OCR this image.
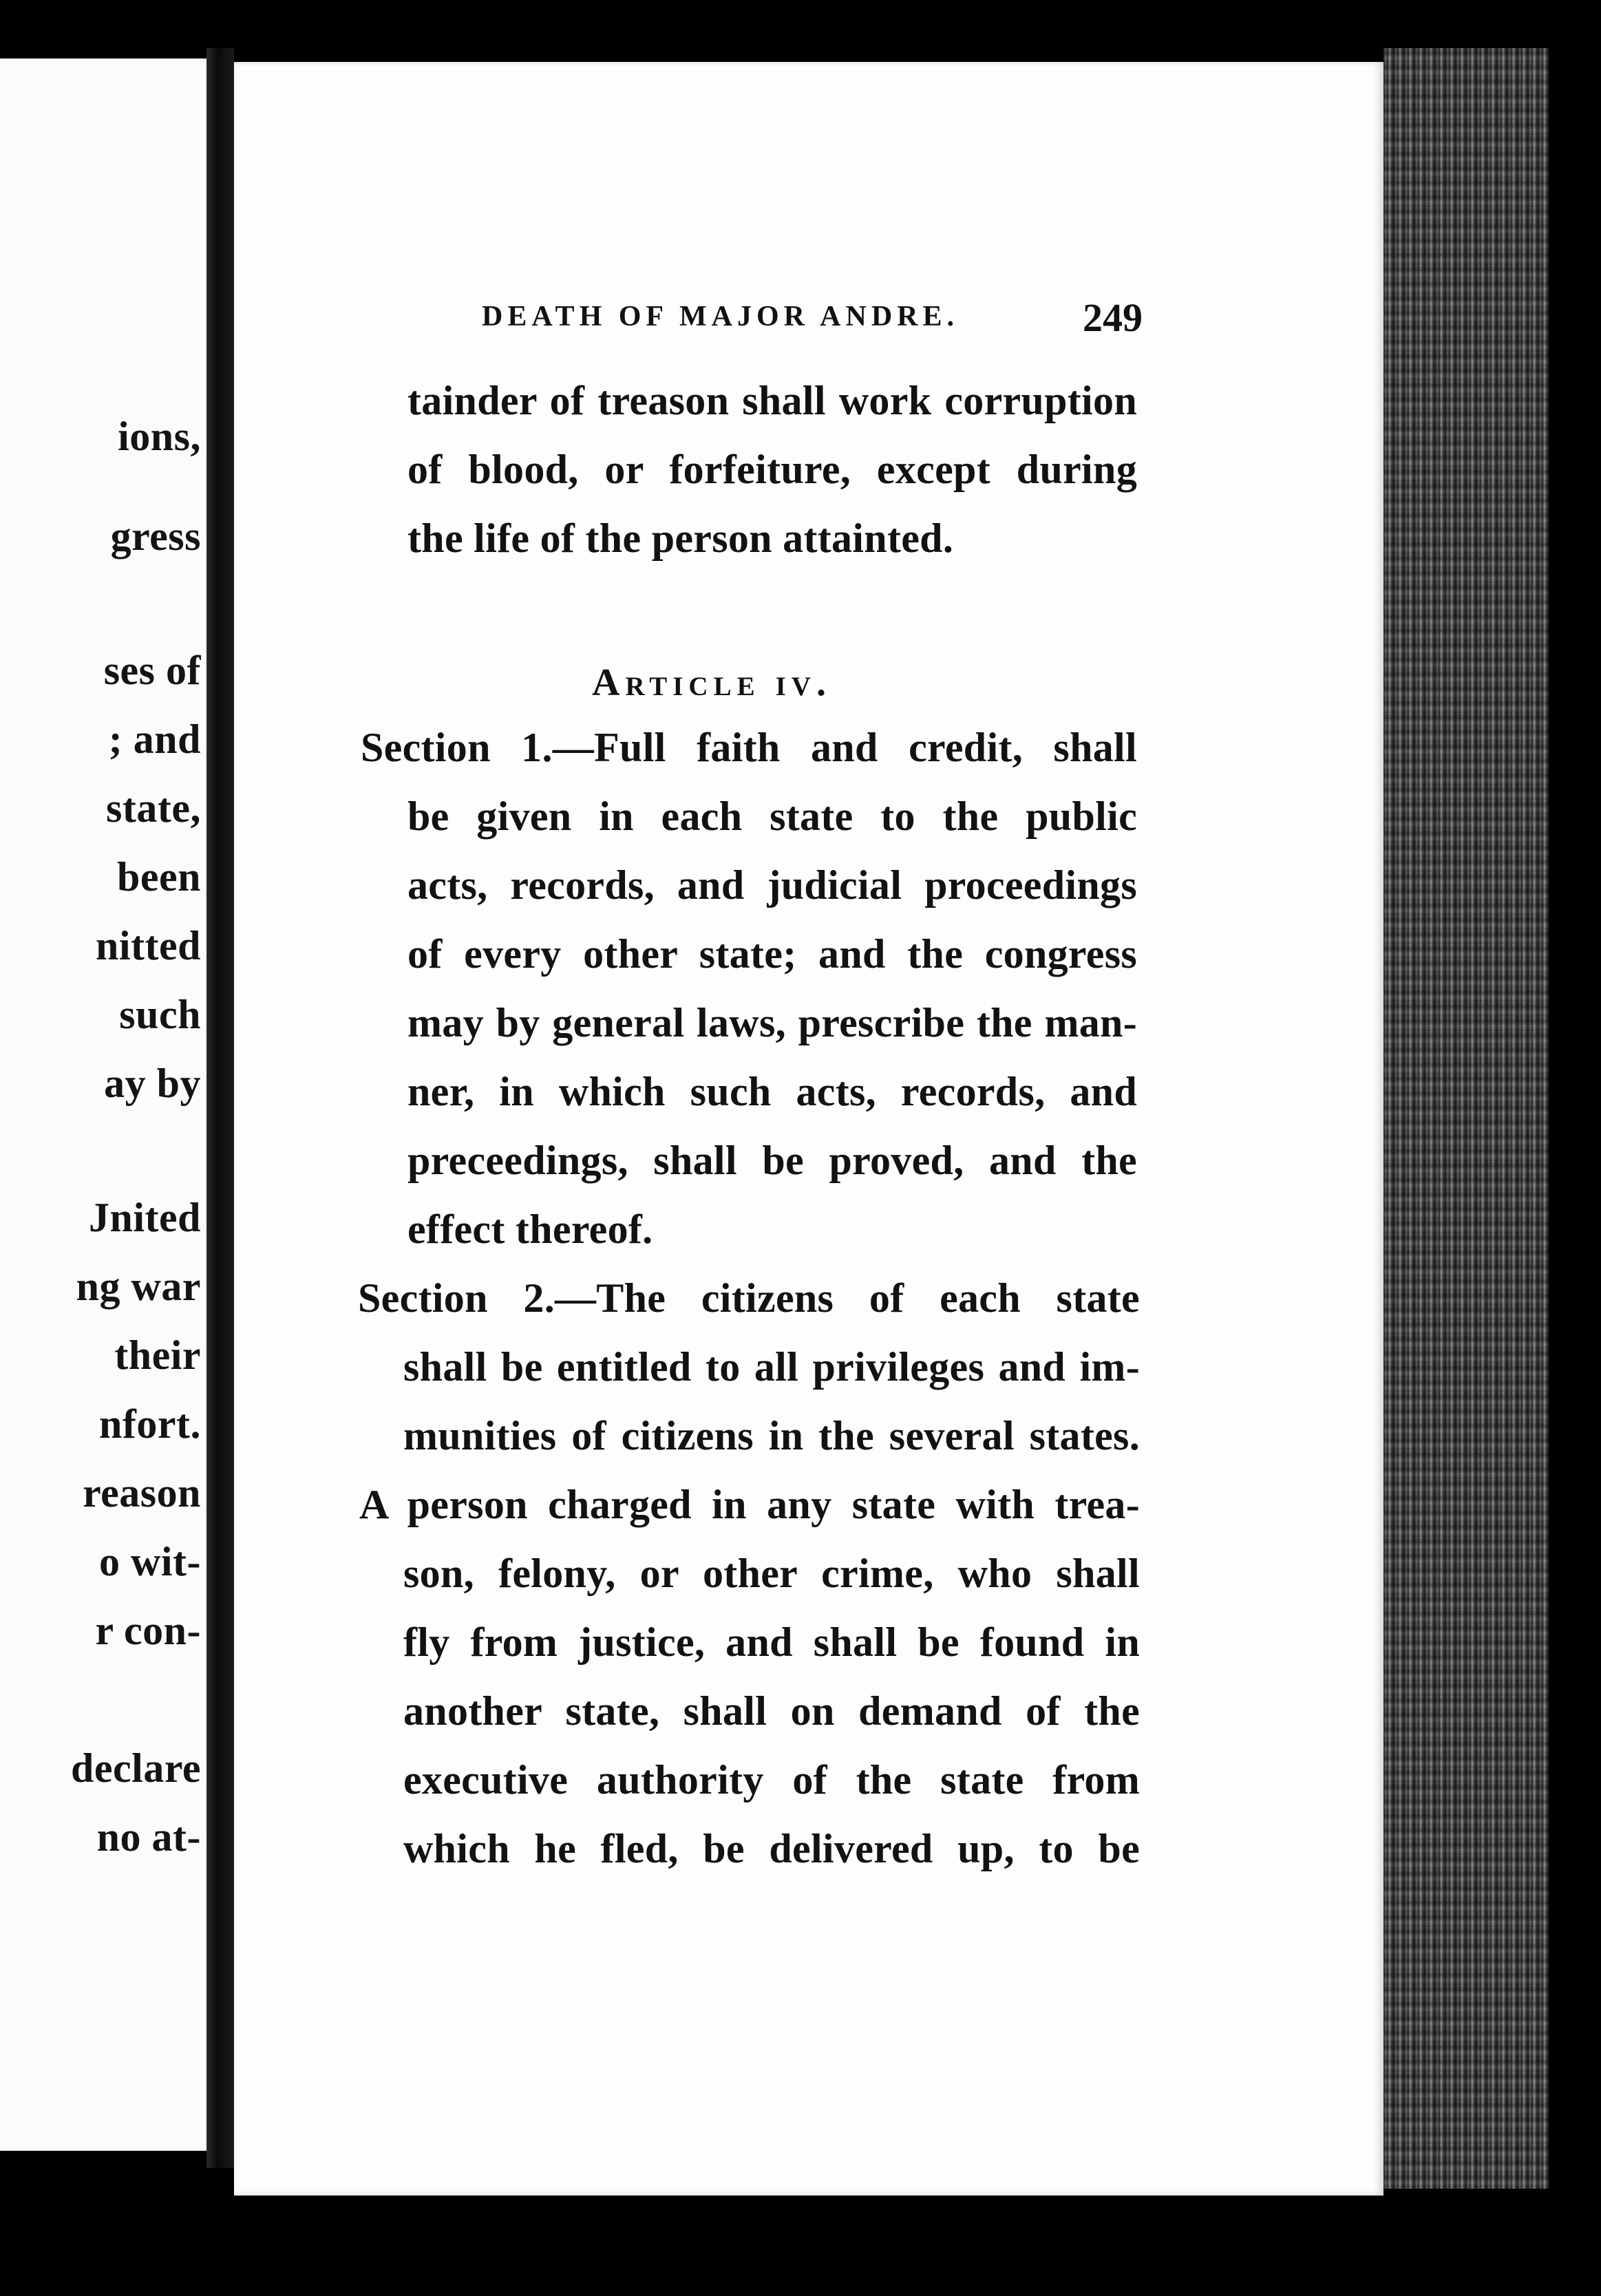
ions,
gress
ses of
; and
state,
been
nitted
such
ay by
Jnited
ng war
their
nfort.
reason
o wit-
r con-
declare
no at-
DEATH OF MAJOR ANDRE.	249
tainder of treason shall work corruption
of blood, or forfeiture, except during
the life of the person attainted.
Article iv.
Section 1.—Full faith and credit, shall
be given in each state to the public
acts, records, and judicial proceedings
of every other state; and the congress
may by general laws, prescribe the man-
ner, in which such acts, records, and
preceedings, shall be proved, and the
effect thereof.
Section 2.—The citizens of each state
shall be entitled to all privileges and im-
munities of citizens in the several states.
A person charged in any state with trea-
son, felony, or other crime, who shall
fly from justice, and shall be found in
another state, shall on demand of the
executive authority of the state from
which he fled, be delivered up, to be
